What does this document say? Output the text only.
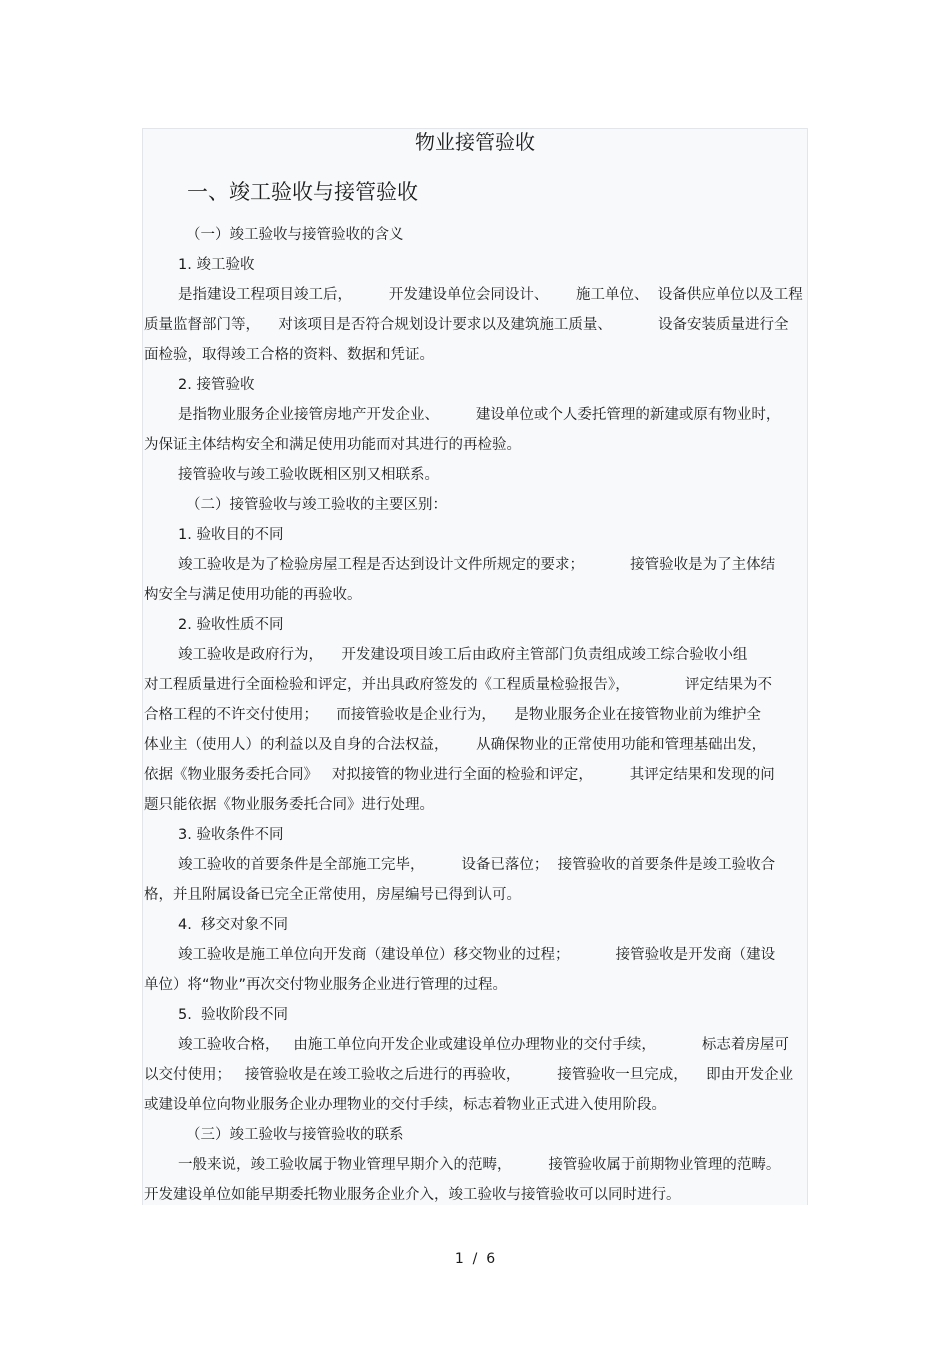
物业接管验收
一、竣工验收与接管验收
（一）竣工验收与接管验收的含义
1. 竣工验收
是指建设工程项目竣工后，        开发建设单位会同设计、      施工单位、  设备供应单位以及工程
质量监督部门等，    对该项目是否符合规划设计要求以及建筑施工质量、          设备安装质量进行全
面检验，取得竣工合格的资料、数据和凭证。
2. 接管验收
是指物业服务企业接管房地产开发企业、        建设单位或个人委托管理的新建或原有物业时，
为保证主体结构安全和满足使用功能而对其进行的再检验。
接管验收与竣工验收既相区别又相联系。
（二）接管验收与竣工验收的主要区别：
1. 验收目的不同
竣工验收是为了检验房屋工程是否达到设计文件所规定的要求；          接管验收是为了主体结
构安全与满足使用功能的再验收。
2. 验收性质不同
竣工验收是政府行为，    开发建设项目竣工后由政府主管部门负责组成竣工综合验收小组
对工程质量进行全面检验和评定，并出具政府签发的《工程质量检验报告》，            评定结果为不
合格工程的不许交付使用；    而接管验收是企业行为，    是物业服务企业在接管物业前为维护全
体业主（使用人）的利益以及自身的合法权益，      从确保物业的正常使用功能和管理基础出发，
依据《物业服务委托合同》   对拟接管的物业进行全面的检验和评定，        其评定结果和发现的问
题只能依据《物业服务委托合同》进行处理。
3. 验收条件不同
竣工验收的首要条件是全部施工完毕，        设备已落位；  接管验收的首要条件是竣工验收合
格，并且附属设备已完全正常使用，房屋编号已得到认可。
4.  移交对象不同
竣工验收是施工单位向开发商（建设单位）移交物业的过程；          接管验收是开发商（建设
单位）将“物业”再次交付物业服务企业进行管理的过程。
5.  验收阶段不同
竣工验收合格，   由施工单位向开发企业或建设单位办理物业的交付手续，          标志着房屋可
以交付使用；   接管验收是在竣工验收之后进行的再验收，        接管验收一旦完成，    即由开发企业
或建设单位向物业服务企业办理物业的交付手续，标志着物业正式进入使用阶段。
（三）竣工验收与接管验收的联系
一般来说，竣工验收属于物业管理早期介入的范畴，        接管验收属于前期物业管理的范畴。
开发建设单位如能早期委托物业服务企业介入，竣工验收与接管验收可以同时进行。
1  /  6
